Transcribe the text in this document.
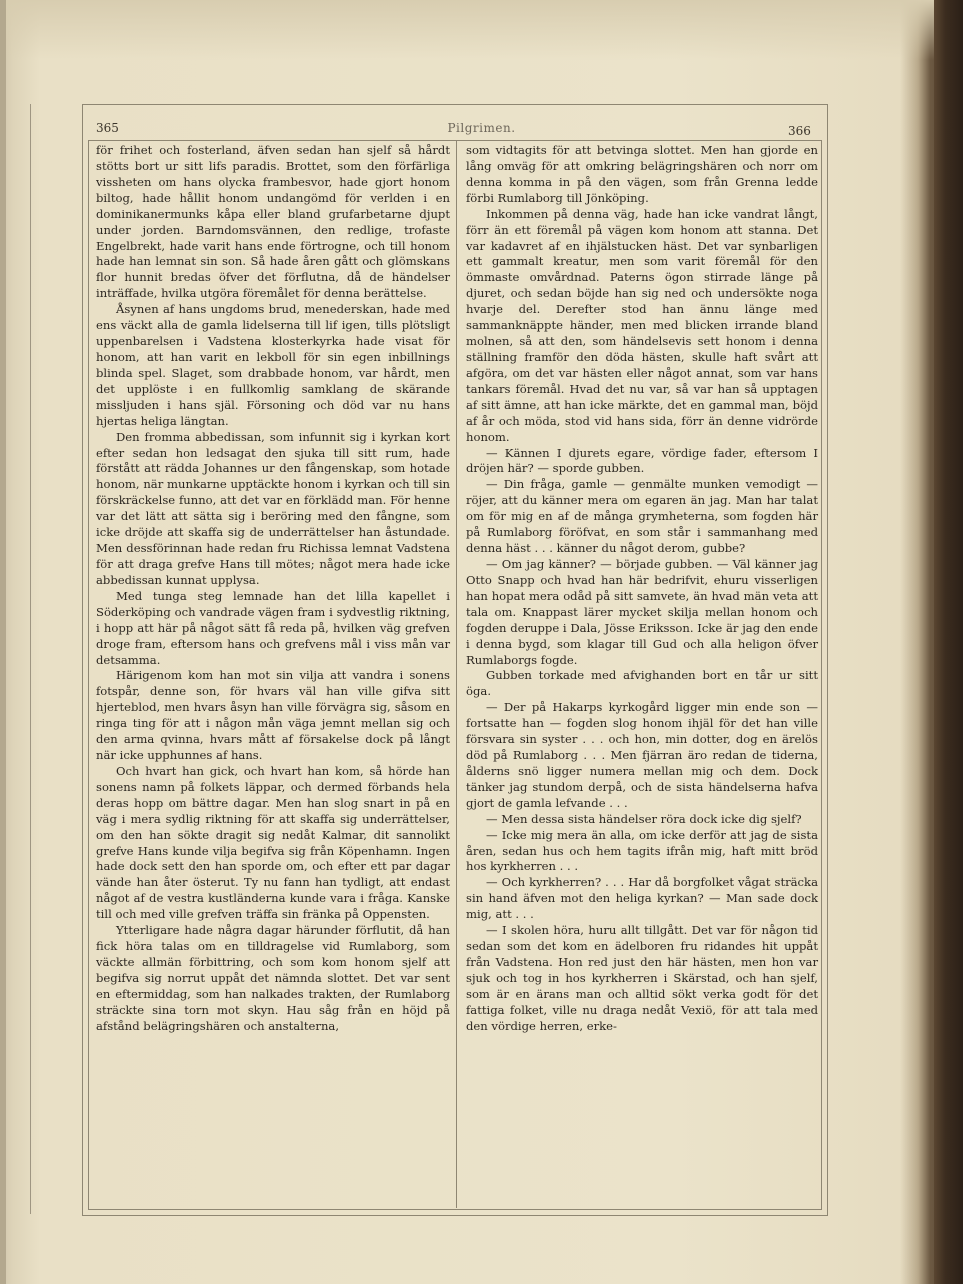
365	Pilgrimen.	366

för frihet och fosterland, äfven sedan han sjelf så hårdt stötts bort ur sitt lifs paradis. Brottet, som den förfärliga vissheten om hans olycka frambesvor, hade gjort honom biltog, hade hållit honom undangömd för verlden i en dominikanermunks kåpa eller bland grufarbetarne djupt under jorden. Barndomsvännen, den redlige, trofaste Engelbrekt, hade varit hans ende förtrogne, och till honom hade han lemnat sin son. Så hade åren gått och glömskans flor hunnit bredas öfver det förflutna, då de händelser inträffade, hvilka utgöra föremålet för denna berättelse.

Åsynen af hans ungdoms brud, menederskan, hade med ens väckt alla de gamla lidelserna till lif igen, tills plötsligt uppenbarelsen i Vadstena klosterkyrka hade visat för honom, att han varit en lekboll för sin egen inbillnings blinda spel. Slaget, som drabbade honom, var hårdt, men det upplöste i en fullkomlig samklang de skärande missljuden i hans själ. Försoning och död var nu hans hjertas heliga längtan.

Den fromma abbedissan, som infunnit sig i kyrkan kort efter sedan hon ledsagat den sjuka till sitt rum, hade förstått att rädda Johannes ur den fångenskap, som hotade honom, när munkarne upptäckte honom i kyrkan och till sin förskräckelse funno, att det var en förklädd man. För henne var det lätt att sätta sig i beröring med den fångne, som icke dröjde att skaffa sig de underrättelser han åstundade. Men dessförinnan hade redan fru Richissa lemnat Vadstena för att draga grefve Hans till mötes; något mera hade icke abbedissan kunnat upplysa.

Med tunga steg lemnade han det lilla kapellet i Söderköping och vandrade vägen fram i sydvestlig riktning, i hopp att här på något sätt få reda på, hvilken väg grefven droge fram, eftersom hans och grefvens mål i viss mån var detsamma.

Härigenom kom han mot sin vilja att vandra i sonens fotspår, denne son, för hvars väl han ville gifva sitt hjerteblod, men hvars åsyn han ville förvägra sig, såsom en ringa ting för att i någon mån väga jemnt mellan sig och den arma qvinna, hvars mått af försakelse dock på långt när icke upphunnes af hans.

Och hvart han gick, och hvart han kom, så hörde han sonens namn på folkets läppar, och dermed förbands hela deras hopp om bättre dagar. Men han slog snart in på en väg i mera sydlig riktning för att skaffa sig underrättelser, om den han sökte dragit sig nedåt Kalmar, dit sannolikt grefve Hans kunde vilja begifva sig från Köpenhamn. Ingen hade dock sett den han sporde om, och efter ett par dagar vände han åter österut. Ty nu fann han tydligt, att endast något af de vestra kustländerna kunde vara i fråga. Kanske till och med ville grefven träffa sin fränka på Oppensten.

Ytterligare hade några dagar härunder förflutit, då han fick höra talas om en tilldragelse vid Rumlaborg, som väckte allmän förbittring, och som kom honom sjelf att begifva sig norrut uppåt det nämnda slottet. Det var sent en eftermiddag, som han nalkades trakten, der Rumlaborg sträckte sina torn mot skyn. Hau såg från en höjd på afstånd belägringshären och anstalterna,

som vidtagits för att betvinga slottet. Men han gjorde en lång omväg för att omkring belägringshären och norr om denna komma in på den vägen, som från Grenna ledde förbi Rumlaborg till Jönköping.

Inkommen på denna väg, hade han icke vandrat långt, förr än ett föremål på vägen kom honom att stanna. Det var kadavret af en ihjälstucken häst. Det var synbarligen ett gammalt kreatur, men som varit föremål för den ömmaste omvårdnad. Paterns ögon stirrade länge på djuret, och sedan böjde han sig ned och undersökte noga hvarje del. Derefter stod han ännu länge med sammanknäppte händer, men med blicken irrande bland molnen, så att den, som händelsevis sett honom i denna ställning framför den döda hästen, skulle haft svårt att afgöra, om det var hästen eller något annat, som var hans tankars föremål. Hvad det nu var, så var han så upptagen af sitt ämne, att han icke märkte, det en gammal man, böjd af år och möda, stod vid hans sida, förr än denne vidrörde honom.

— Kännen I djurets egare, vördige fader, eftersom I dröjen här? — sporde gubben.

— Din fråga, gamle — genmälte munken vemodigt — röjer, att du känner mera om egaren än jag. Man har talat om för mig en af de många grymheterna, som fogden här på Rumlaborg föröfvat, en som står i sammanhang med denna häst . . . känner du något derom, gubbe?

— Om jag känner? — började gubben. — Väl känner jag Otto Snapp och hvad han här bedrifvit, ehuru visserligen han hopat mera odåd på sitt samvete, än hvad män veta att tala om. Knappast lärer mycket skilja mellan honom och fogden deruppe i Dala, Jösse Eriksson. Icke är jag den ende i denna bygd, som klagar till Gud och alla heligon öfver Rumlaborgs fogde.

Gubben torkade med afvighanden bort en tår ur sitt öga.

— Der på Hakarps kyrkogård ligger min ende son — fortsatte han — fogden slog honom ihjäl för det han ville försvara sin syster . . . och hon, min dotter, dog en ärelös död på Rumlaborg . . . Men fjärran äro redan de tiderna, ålderns snö ligger numera mellan mig och dem. Dock tänker jag stundom derpå, och de sista händelserna hafva gjort de gamla lefvande . . .

— Men dessa sista händelser röra dock icke dig sjelf?

— Icke mig mera än alla, om icke derför att jag de sista åren, sedan hus och hem tagits ifrån mig, haft mitt bröd hos kyrkherren . . .

— Och kyrkherren? . . . Har då borgfolket vågat sträcka sin hand äfven mot den heliga kyrkan? — Man sade dock mig, att . . .

— I skolen höra, huru allt tillgått. Det var för någon tid sedan som det kom en ädelboren fru ridandes hit uppåt från Vadstena. Hon red just den här hästen, men hon var sjuk och tog in hos kyrkherren i Skärstad, och han sjelf, som är en ärans man och alltid sökt verka godt för det fattiga folket, ville nu draga nedåt Vexiö, för att tala med den vördige herren, erke-
